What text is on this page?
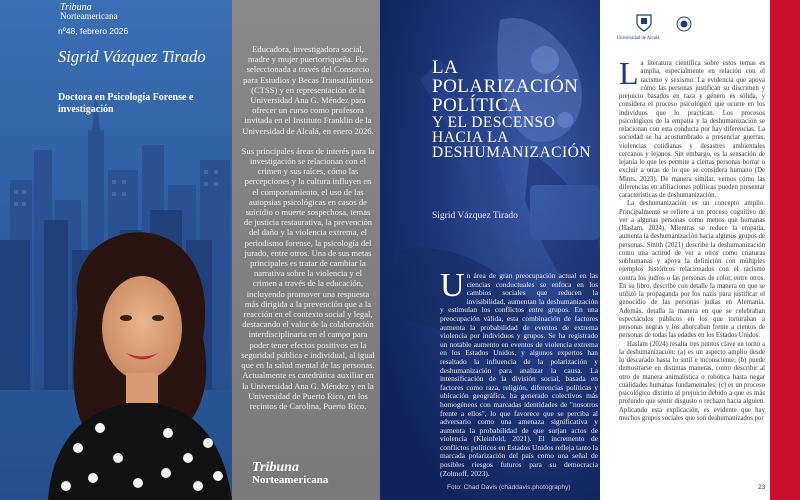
Tribuna
Norteamericana
nº48, febrero 2026
Sigrid Vázquez Tirado
Doctora en Psicología Forense e investigación

Educadora, investigadora social, madre y mujer puertorriqueña. Fue seleccionada a través del Consorcio para Estudios y Becas Transatlánticos (CTSS) y en representación de la Universidad Ana G. Méndez para ofrecer un curso como profesora invitada en el Instituto Franklin de la Universidad de Alcalá, en enero 2026.

Sus principales áreas de interés para la investigación se relacionan con el crimen y sus raíces, cómo las percepciones y la cultura influyen en el comportamiento, el uso de las autopsias psicológicas en casos de suicidio o muerte sospechosa, temas de justicia restaurativa, la prevención del daño y la violencia extrema, el periodismo forense, la psicología del jurado, entre otros. Una de sus metas principales es tratar de cambiar la narrativa sobre la violencia y el crimen a través de la educación, incluyendo promover una respuesta más dirigida a la prevención que a la reacción en el contexto social y legal, destacando el valor de la colaboración interdisciplinaria en el campo para poder tener efectos positivos en la seguridad pública e individual, al igual que en la salud mental de las personas. Actualmente es catedrática auxiliar en la Universidad Ana G. Méndez y en la Universidad de Puerto Rico, en los recintos de Carolina, Puerto Rico.

Tribuna
Norteamericana
LA
POLARIZACIÓN
POLÍTICA
Y EL DESCENSO
HACIA LA
DESHUMANIZACIÓN
Sigrid Vázquez Tirado
Un área de gran preocupación actual en las ciencias conductuales se enfoca en los cambios sociales que reducen la invisibilidad, aumentan la deshumanización y estimulan los conflictos entre grupos. En una preocupación válida, esta combinación de factores aumenta la probabilidad de eventos de extrema violencia por individuos y grupos. Se ha registrado un notable aumento en eventos de violencia extrema en los Estados Unidos, y algunos expertos han resaltado la influencia de la polarización y deshumanización para analizar la causa. La intensificación de la división social, basada en factores como raza, religión, diferencias políticas y ubicación geográfica, ha generado colectivos más homogéneos con marcadas identidades de "nosotros frente a ellos", lo que favorece que se perciba al adversario como una amenaza significativa y aumenta la probabilidad de que surjan actos de violencia (Kleinfeld, 2021). El incremento de conflictos políticos en Estados Unidos refleja tanto la marcada polarización del país como una señal de posibles riesgos futuros para su democracia (Zoltnoff, 2023).
Foto: Chad Davis (chaddavis.photography)
Universidad de Alcalá

La literatura científica sobre estos temas es amplia, especialmente en relación con el racismo y sexismo. La evidencia que apoya cómo las personas justifican su discrimen y prejuicio basados en raza y género es sólida, y considera el proceso psicológico que ocurre en los individuos que lo practican. Los procesos psicológicos de la empatía y la deshumanización se relacionan con esta conducta por hay diferencias. La sociedad se ha acostumbrado a presenciar guerras, violencias cotidianas y desastres ambientales cercanos y lejanos. Sin embargo, es la sensación de lejanía lo que les permite a ciertas personas borrar o excluir a otras de lo que se considera humano (De Mints, 2023). De manera similar, vemos cómo las diferencias en afiliaciones políticas pueden presentar características de deshumanización.

La deshumanización es un concepto amplio. Principalmente se refiere a un proceso cognitivo de ver a algunas personas como menos que humanas (Haslam, 2024). Mientras se reduce la empatía, aumenta la deshumanización hacia algunos grupos de personas. Smith (2021) describe la deshumanización como una actitud de ver a otros como criaturas subhumanas y apoya la definición con múltiples ejemplos históricos relacionados con el racismo contra los judíos o las personas de color, entre otros. En su libro, describe con detalle la manera en que se utilizó la propaganda por los nazis para justificar el genocidio de las personas judías en Alemania. Además, detalla la manera en que se celebraban espectáculos públicos en los que torturaban a personas negras y los ahorcaban frente a cientos de personas de todas las edades en los Estados Unidos.

Haslam (2024) resalta tres puntos clave en torno a la deshumanización: (a) es un aspecto amplio desde lo descarado hasta lo sutil e inconsciente; (b) puede demostrarse en distintas maneras, como describir al otro de manera animalística o robótica hasta negar cualidades humanas fundamentales; (c) es un proceso psicológico distinto al prejuicio debido a que es más profundo que sentir disgusto o rechazo hacia alguien. Aplicando esta explicación, es evidente que hay muchos grupos sociales que son deshumanizados por

23
